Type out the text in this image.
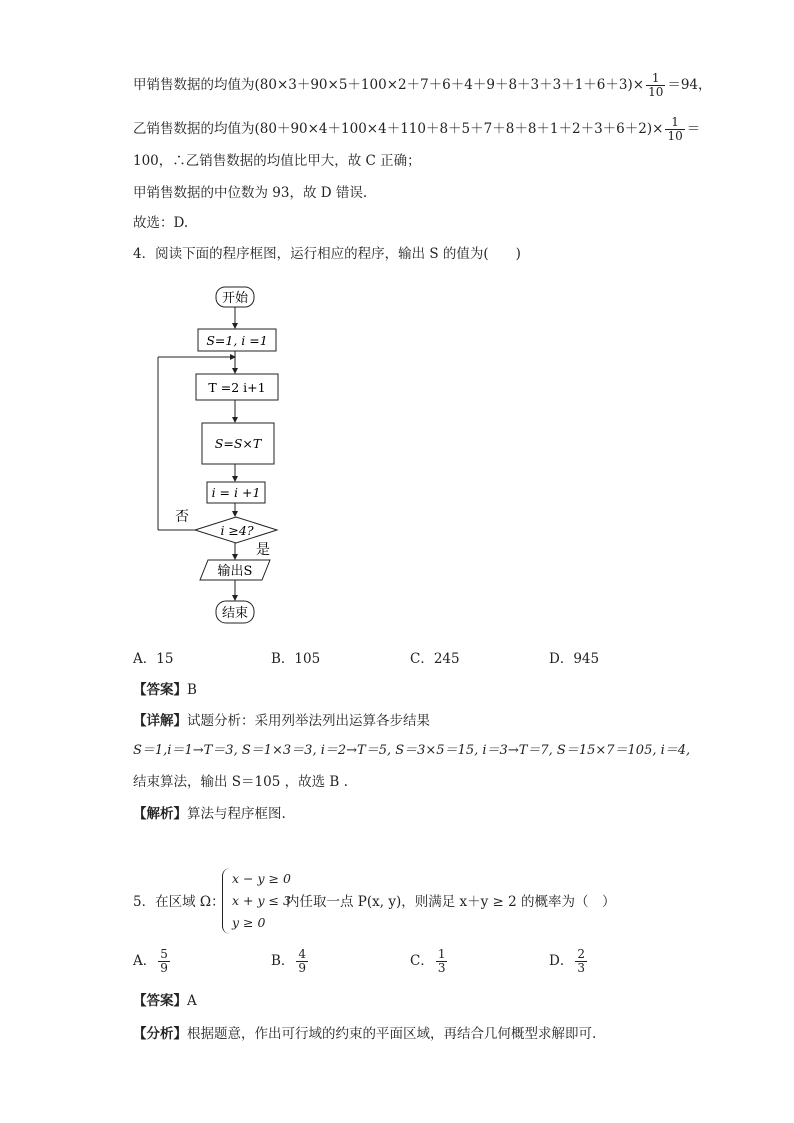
甲销售数据的均值为$(80\times 3+90\times 5+100\times 2+7+6+4+9+8+3+3+1+6+3)\times \frac{1}{10} =94$，
乙销售数据的均值为$(80+90\times 4+100\times 4+110+8+5+7+8+8+1+2+3+6+2)\times \frac{1}{10}$ ＝
100，∴乙销售数据的均值比甲大，故 C 正确；
甲销售数据的中位数为 93，故 D 错误.
故选：D.
4．阅读下面的程序框图，运行相应的程序，输出 S 的值为(　　)
开始
S=1, i =1
T =2 i+1
S=S×T
i = i +1
i ≥4?
否
是
输出S
结束
A．15	B．105	C．245	D．945
【答案】B
【详解】试题分析：采用列举法列出运算各步结果
S＝1,i＝1→T＝3, S＝1×3＝3, i＝2→T＝5, S＝3×5＝15, i＝3→T＝7, S＝15×7＝105, i＝4,
结束算法，输出 S＝105 ，故选 B .
【解析】算法与程序框图.
5．在区域 Ω：
x − y ≥ 0
x + y ≤ 3
y ≥ 0
内任取一点 P(x, y)，则满足 x＋y ≥ 2 的概率为（　）
A． $\frac{5}{9}$	B． $\frac{4}{9}$	C． $\frac{1}{3}$	D． $\frac{2}{3}$
【答案】A
【分析】根据题意，作出可行域的约束的平面区域，再结合几何概型求解即可.
